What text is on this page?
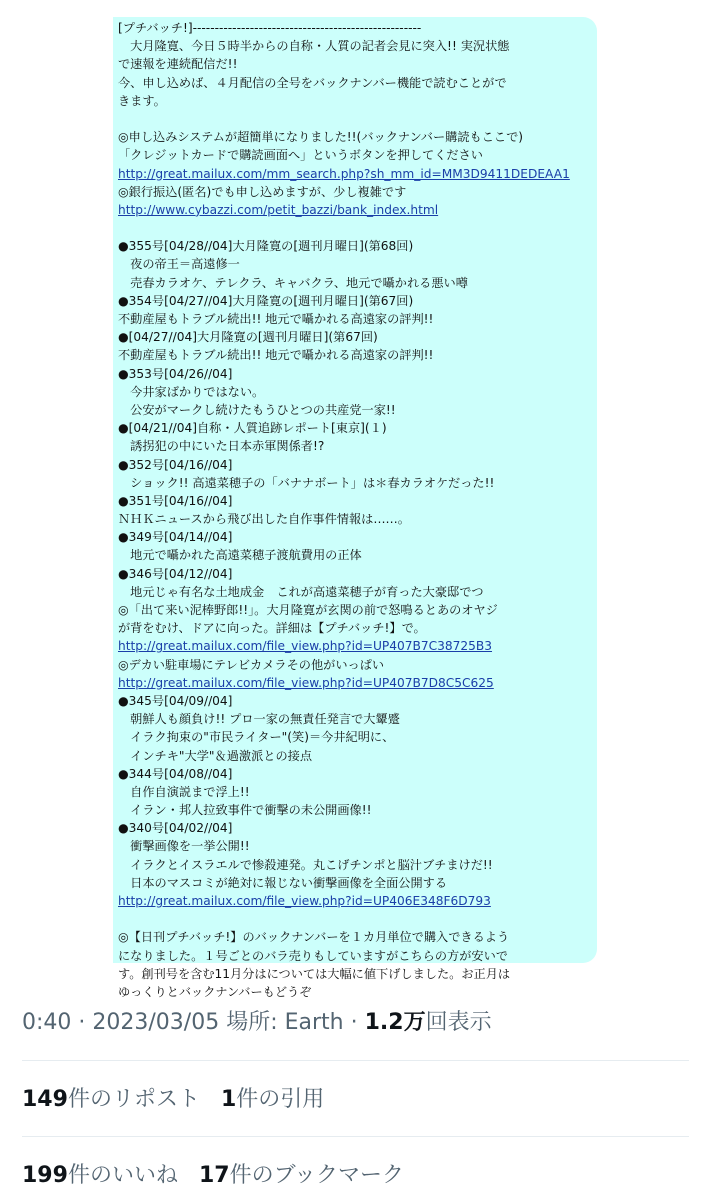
[プチバッチ!]----------------------------------------------------
　大月隆寛、今日５時半からの自称・人質の記者会見に突入!! 実況状態
で速報を連続配信だ!!
今、申し込めば、４月配信の全号をバックナンバー機能で読むことがで
きます。
◎申し込みシステムが超簡単になりました!!(バックナンバー購読もここで)
「クレジットカードで購読画面へ」というボタンを押してください
http://great.mailux.com/mm_search.php?sh_mm_id=MM3D9411DEDEAA1
◎銀行振込(匿名)でも申し込めますが、少し複雑です
http://www.cybazzi.com/petit_bazzi/bank_index.html
●355号[04/28//04]大月隆寛の[週刊月曜日](第68回)
　夜の帝王＝高遠修一
　売春カラオケ、テレクラ、キャバクラ、地元で囁かれる悪い噂
●354号[04/27//04]大月隆寛の[週刊月曜日](第67回)
不動産屋もトラブル続出!! 地元で囁かれる高遠家の評判!!
●[04/27//04]大月隆寛の[週刊月曜日](第67回)
不動産屋もトラブル続出!! 地元で囁かれる高遠家の評判!!
●353号[04/26//04]
　今井家ばかりではない。
　公安がマークし続けたもうひとつの共産党一家!!
●[04/21//04]自称・人質追跡レポート[東京](１)
　誘拐犯の中にいた日本赤軍関係者!?
●352号[04/16//04]
　ショック!! 高遠菜穂子の「バナナボート」は＊春カラオケだった!!
●351号[04/16//04]
ＮＨＫニュースから飛び出した自作事件情報は……。
●349号[04/14//04]
　地元で囁かれた高遠菜穂子渡航費用の正体
●346号[04/12//04]
　地元じゃ有名な土地成金　これが高遠菜穂子が育った大豪邸でつ
◎「出て来い泥棒野郎!!」。大月隆寛が玄関の前で怒鳴るとあのオヤジ
が背をむけ、ドアに向った。詳細は【プチバッチ!】で。
http://great.mailux.com/file_view.php?id=UP407B7C38725B3
◎デカい駐車場にテレビカメラその他がいっぱい
http://great.mailux.com/file_view.php?id=UP407B7D8C5C625
●345号[04/09//04]
　朝鮮人も顔負け!! プロ一家の無責任発言で大顰蹙
　イラク拘束の"市民ライター"(笑)＝今井紀明に、
　インチキ"大学"＆過激派との接点
●344号[04/08//04]
　自作自演説まで浮上!!
　イラン・邦人拉致事件で衝撃の未公開画像!!
●340号[04/02//04]
　衝撃画像を一挙公開!!
　イラクとイスラエルで惨殺連発。丸こげチンポと脳汁ブチまけだ!!
　日本のマスコミが絶対に報じない衝撃画像を全面公開する
http://great.mailux.com/file_view.php?id=UP406E348F6D793
◎【日刊プチバッチ!】のバックナンバーを１カ月単位で購入できるよう
になりました。１号ごとのバラ売りもしていますがこちらの方が安いで
す。創刊号を含む11月分はについては大幅に値下げしました。お正月は
ゆっくりとバックナンバーもどうぞ
0:40 · 2023/03/05 場所: Earth · 1.2万回表示
149件のリポスト 1件の引用
199件のいいね 17件のブックマーク
